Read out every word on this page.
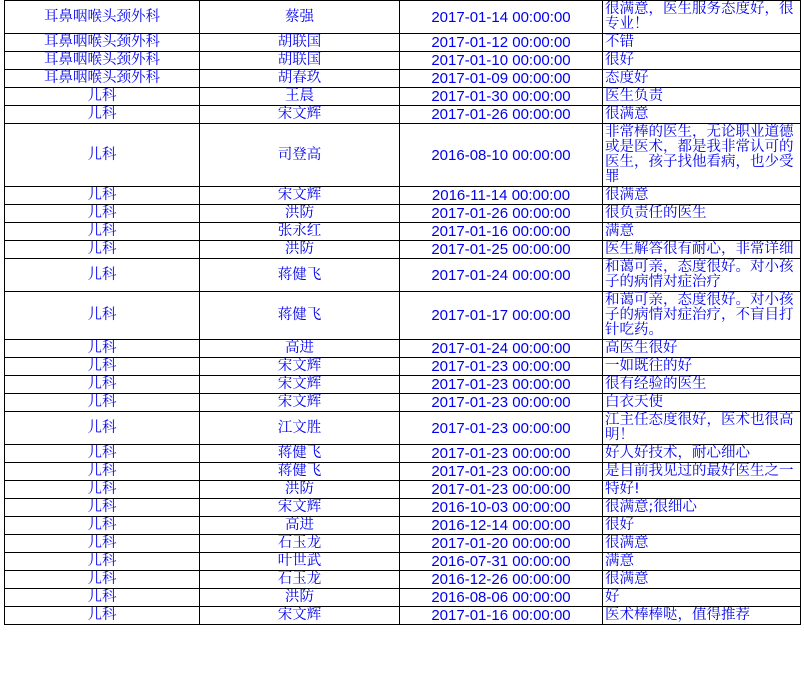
耳鼻咽喉头颈外科	蔡强	2017-01-14 00:00:00	很满意，医生服务态度好，很专业！
耳鼻咽喉头颈外科	胡联国	2017-01-12 00:00:00	不错
耳鼻咽喉头颈外科	胡联国	2017-01-10 00:00:00	很好
耳鼻咽喉头颈外科	胡春玖	2017-01-09 00:00:00	态度好
儿科	王晨	2017-01-30 00:00:00	医生负责
儿科	宋文辉	2017-01-26 00:00:00	很满意
儿科	司登高	2016-08-10 00:00:00	非常棒的医生，无论职业道德或是医术，都是我非常认可的医生，孩子找他看病，也少受罪
儿科	宋文辉	2016-11-14 00:00:00	很满意
儿科	洪防	2017-01-26 00:00:00	很负责任的医生
儿科	张永红	2017-01-16 00:00:00	满意
儿科	洪防	2017-01-25 00:00:00	医生解答很有耐心，非常详细
儿科	蒋健飞	2017-01-24 00:00:00	和蔼可亲，态度很好。对小孩子的病情对症治疗
儿科	蒋健飞	2017-01-17 00:00:00	和蔼可亲，态度很好。对小孩子的病情对症治疗，不盲目打针吃药。
儿科	高进	2017-01-24 00:00:00	高医生很好
儿科	宋文辉	2017-01-23 00:00:00	一如既往的好
儿科	宋文辉	2017-01-23 00:00:00	很有经验的医生
儿科	宋文辉	2017-01-23 00:00:00	白衣天使
儿科	江文胜	2017-01-23 00:00:00	江主任态度很好，医术也很高明！
儿科	蒋健飞	2017-01-23 00:00:00	好人好技术，耐心细心
儿科	蒋健飞	2017-01-23 00:00:00	是目前我见过的最好医生之一
儿科	洪防	2017-01-23 00:00:00	特好!
儿科	宋文辉	2016-10-03 00:00:00	很满意;很细心
儿科	高进	2016-12-14 00:00:00	很好
儿科	石玉龙	2017-01-20 00:00:00	很满意
儿科	叶世武	2016-07-31 00:00:00	满意
儿科	石玉龙	2016-12-26 00:00:00	很满意
儿科	洪防	2016-08-06 00:00:00	好
儿科	宋文辉	2017-01-16 00:00:00	医术棒棒哒，值得推荐
